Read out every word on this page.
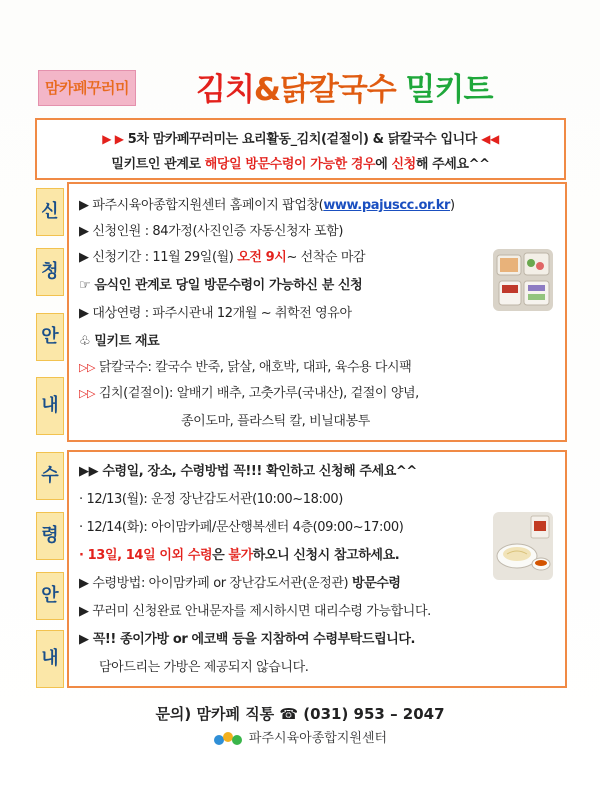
맘카페꾸러미 김치&닭칼국수 밀키트
▶ ▶ 5차 맘카페꾸러미는 요리활동_김치(겉절이) & 닭칼국수 입니다 ◀◀
밀키트인 관계로 해당일 방문수령이 가능한 경우에 신청해 주세요^^
신
청
안
내
▶ 파주시육아종합지원센터 홈페이지 팝업창(www.pajuscc.or.kr)
▶ 신청인원 : 84가정(사진인증 자동신청자 포함)
▶ 신청기간 : 11월 29일(월) 오전 9시~ 선착순 마감
☞ 음식인 관계로 당일 방문수령이 가능하신 분 신청
▶ 대상연령 : 파주시관내 12개월 ~ 취학전 영유아
♧ 밀키트 재료
▷▷ 닭칼국수: 칼국수 반죽, 닭살, 애호박, 대파, 육수용 다시팩
▷▷ 김치(겉절이): 알배기 배추, 고춧가루(국내산), 겉절이 양념,
종이도마, 플라스틱 칼, 비닐대봉투
수
령
안
내
▶▶ 수령일, 장소, 수령방법 꼭!!! 확인하고 신청해 주세요^^
· 12/13(월): 운정 장난감도서관(10:00~18:00)
· 12/14(화): 아이맘카페/문산행복센터 4층(09:00~17:00)
· 13일, 14일 이외 수령은 불가하오니 신청시 참고하세요.
▶ 수령방법: 아이맘카페 or 장난감도서관(운정관) 방문수령
▶ 꾸러미 신청완료 안내문자를 제시하시면 대리수령 가능합니다.
▶ 꼭!! 종이가방 or 에코백 등을 지참하여 수령부탁드립니다.
담아드리는 가방은 제공되지 않습니다.
문의) 맘카페 직통 ☎ (031) 953 – 2047
파주시육아종합지원센터
